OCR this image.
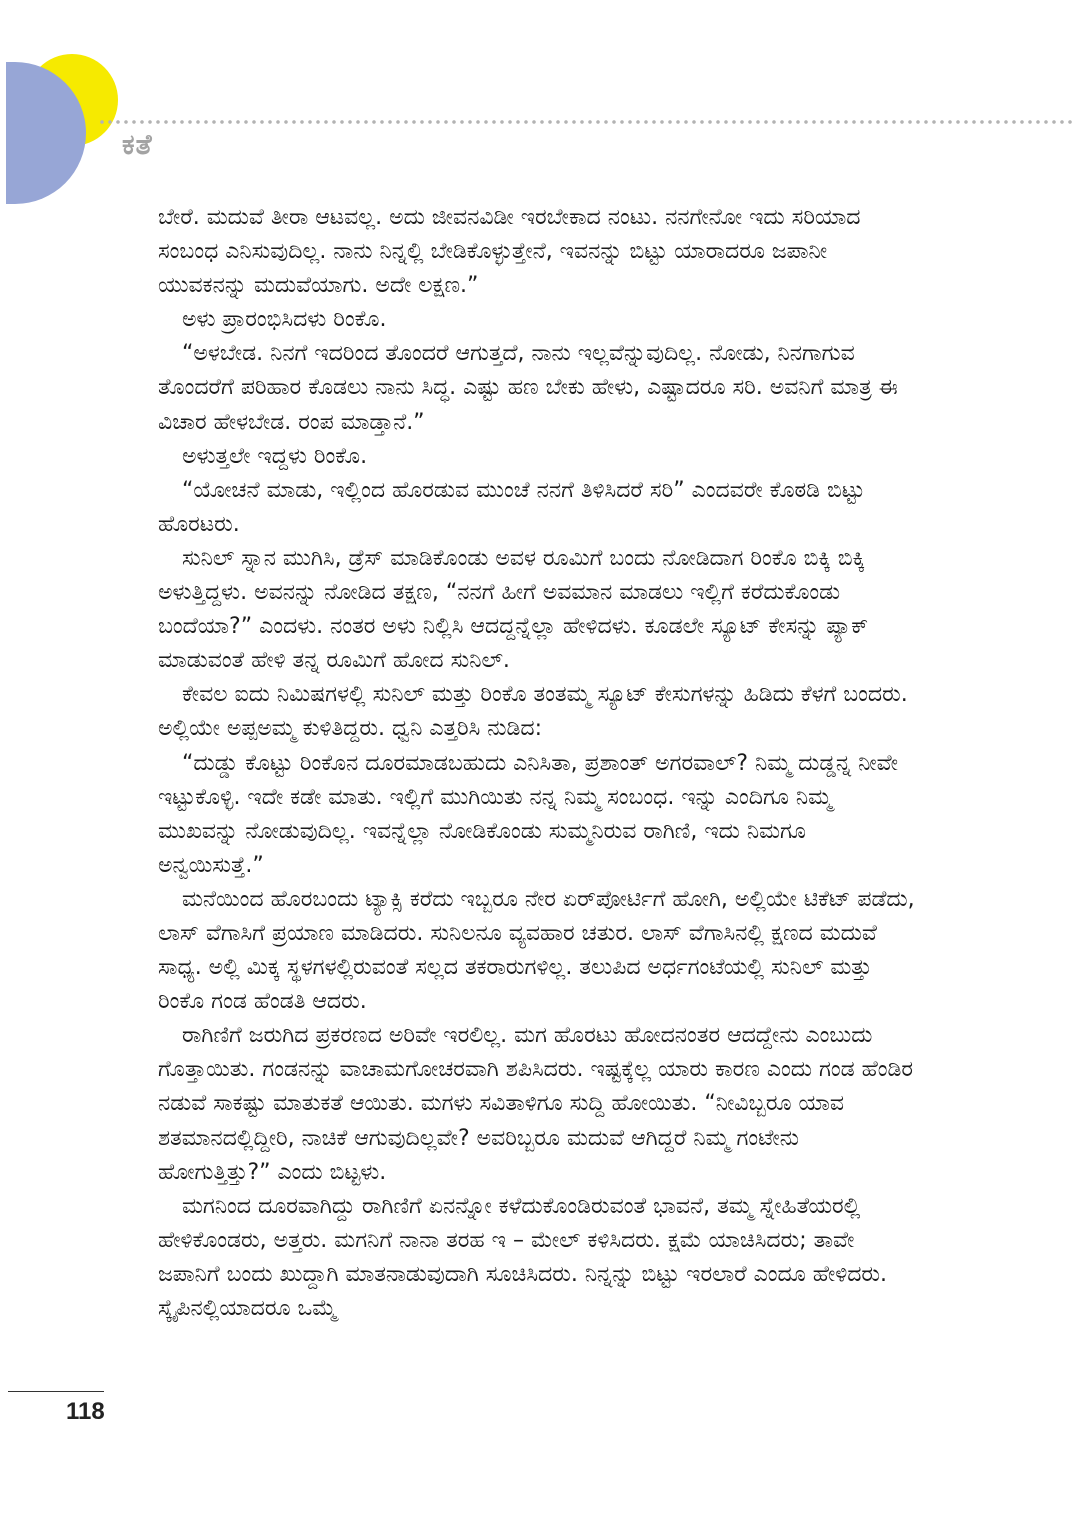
ಕತೆ

ಬೇರೆ. ಮದುವೆ ತೀರಾ ಆಟವಲ್ಲ. ಅದು ಜೀವನವಿಡೀ ಇರಬೇಕಾದ ನಂಟು. ನನಗೇನೋ ಇದು ಸರಿಯಾದ
ಸಂಬಂಧ ಎನಿಸುವುದಿಲ್ಲ. ನಾನು ನಿನ್ನಲ್ಲಿ ಬೇಡಿಕೊಳ್ಳುತ್ತೇನೆ, ಇವನನ್ನು ಬಿಟ್ಟು ಯಾರಾದರೂ ಜಪಾನೀ
ಯುವಕನನ್ನು ಮದುವೆಯಾಗು. ಅದೇ ಲಕ್ಷಣ.”

ಅಳು ಪ್ರಾರಂಭಿಸಿದಳು ರಿಂಕೊ.

“ಅಳಬೇಡ. ನಿನಗೆ ಇದರಿಂದ ತೊಂದರೆ ಆಗುತ್ತದೆ, ನಾನು ಇಲ್ಲವೆನ್ನುವುದಿಲ್ಲ. ನೋಡು, ನಿನಗಾಗುವ
ತೊಂದರೆಗೆ ಪರಿಹಾರ ಕೊಡಲು ನಾನು ಸಿದ್ಧ. ಎಷ್ಟು ಹಣ ಬೇಕು ಹೇಳು, ಎಷ್ಟಾದರೂ ಸರಿ. ಅವನಿಗೆ ಮಾತ್ರ ಈ
ವಿಚಾರ ಹೇಳಬೇಡ. ರಂಪ ಮಾಡ್ತಾನೆ.”

ಅಳುತ್ತಲೇ ಇದ್ದಳು ರಿಂಕೊ.

“ಯೋಚನೆ ಮಾಡು, ಇಲ್ಲಿಂದ ಹೊರಡುವ ಮುಂಚೆ ನನಗೆ ತಿಳಿಸಿದರೆ ಸರಿ” ಎಂದವರೇ ಕೊಠಡಿ ಬಿಟ್ಟು
ಹೊರಟರು.

ಸುನಿಲ್ ಸ್ನಾನ ಮುಗಿಸಿ, ಡ್ರೆಸ್ ಮಾಡಿಕೊಂಡು ಅವಳ ರೂಮಿಗೆ ಬಂದು ನೋಡಿದಾಗ ರಿಂಕೊ ಬಿಕ್ಕಿ ಬಿಕ್ಕಿ
ಅಳುತ್ತಿದ್ದಳು. ಅವನನ್ನು ನೋಡಿದ ತಕ್ಷಣ, “ನನಗೆ ಹೀಗೆ ಅವಮಾನ ಮಾಡಲು ಇಲ್ಲಿಗೆ ಕರೆದುಕೊಂಡು
ಬಂದೆಯಾ?” ಎಂದಳು. ನಂತರ ಅಳು ನಿಲ್ಲಿಸಿ ಆದದ್ದನ್ನೆಲ್ಲಾ ಹೇಳಿದಳು. ಕೂಡಲೇ ಸ್ಯೂಟ್ ಕೇಸನ್ನು ಪ್ಯಾಕ್
ಮಾಡುವಂತೆ ಹೇಳಿ ತನ್ನ ರೂಮಿಗೆ ಹೋದ ಸುನಿಲ್.

ಕೇವಲ ಐದು ನಿಮಿಷಗಳಲ್ಲಿ ಸುನಿಲ್ ಮತ್ತು ರಿಂಕೊ ತಂತಮ್ಮ ಸ್ಯೂಟ್ ಕೇಸುಗಳನ್ನು ಹಿಡಿದು ಕೆಳಗೆ ಬಂದರು.
ಅಲ್ಲಿಯೇ ಅಪ್ಪಅಮ್ಮ ಕುಳಿತಿದ್ದರು. ಧ್ವನಿ ಎತ್ತರಿಸಿ ನುಡಿದ:

“ದುಡ್ಡು ಕೊಟ್ಟು ರಿಂಕೊನ ದೂರಮಾಡಬಹುದು ಎನಿಸಿತಾ, ಪ್ರಶಾಂತ್ ಅಗರವಾಲ್? ನಿಮ್ಮ ದುಡ್ಡನ್ನ ನೀವೇ
ಇಟ್ಟುಕೊಳ್ಳಿ. ಇದೇ ಕಡೇ ಮಾತು. ಇಲ್ಲಿಗೆ ಮುಗಿಯಿತು ನನ್ನ ನಿಮ್ಮ ಸಂಬಂಧ. ಇನ್ನು ಎಂದಿಗೂ ನಿಮ್ಮ
ಮುಖವನ್ನು ನೋಡುವುದಿಲ್ಲ. ಇವನ್ನೆಲ್ಲಾ ನೋಡಿಕೊಂಡು ಸುಮ್ಮನಿರುವ ರಾಗಿಣಿ, ಇದು ನಿಮಗೂ
ಅನ್ವಯಿಸುತ್ತೆ.”

ಮನೆಯಿಂದ ಹೊರಬಂದು ಟ್ಯಾಕ್ಸಿ ಕರೆದು ಇಬ್ಬರೂ ನೇರ ಏರ್‌ಪೋರ್ಟಿಗೆ ಹೋಗಿ, ಅಲ್ಲಿಯೇ ಟಿಕೆಟ್ ಪಡೆದು,
ಲಾಸ್ ವೆಗಾಸಿಗೆ ಪ್ರಯಾಣ ಮಾಡಿದರು. ಸುನಿಲನೂ ವ್ಯವಹಾರ ಚತುರ. ಲಾಸ್ ವೆಗಾಸಿನಲ್ಲಿ ಕ್ಷಣದ ಮದುವೆ
ಸಾಧ್ಯ. ಅಲ್ಲಿ ಮಿಕ್ಕ ಸ್ಥಳಗಳಲ್ಲಿರುವಂತೆ ಸಲ್ಲದ ತಕರಾರುಗಳಿಲ್ಲ. ತಲುಪಿದ ಅರ್ಧಗಂಟೆಯಲ್ಲಿ ಸುನಿಲ್ ಮತ್ತು
ರಿಂಕೊ ಗಂಡ ಹೆಂಡತಿ ಆದರು.

ರಾಗಿಣಿಗೆ ಜರುಗಿದ ಪ್ರಕರಣದ ಅರಿವೇ ಇರಲಿಲ್ಲ. ಮಗ ಹೊರಟು ಹೋದನಂತರ ಆದದ್ದೇನು ಎಂಬುದು
ಗೊತ್ತಾಯಿತು. ಗಂಡನನ್ನು ವಾಚಾಮಗೋಚರವಾಗಿ ಶಪಿಸಿದರು. ಇಷ್ಟಕ್ಕೆಲ್ಲ ಯಾರು ಕಾರಣ ಎಂದು ಗಂಡ ಹೆಂಡಿರ
ನಡುವೆ ಸಾಕಷ್ಟು ಮಾತುಕತೆ ಆಯಿತು. ಮಗಳು ಸವಿತಾಳಿಗೂ ಸುದ್ದಿ ಹೋಯಿತು. “ನೀವಿಬ್ಬರೂ ಯಾವ
ಶತಮಾನದಲ್ಲಿದ್ದೀರಿ, ನಾಚಿಕೆ ಆಗುವುದಿಲ್ಲವೇ? ಅವರಿಬ್ಬರೂ ಮದುವೆ ಆಗಿದ್ದರೆ ನಿಮ್ಮ ಗಂಟೇನು
ಹೋಗುತ್ತಿತ್ತು?” ಎಂದು ಬಿಟ್ಟಳು.

ಮಗನಿಂದ ದೂರವಾಗಿದ್ದು ರಾಗಿಣಿಗೆ ಏನನ್ನೋ ಕಳೆದುಕೊಂಡಿರುವಂತೆ ಭಾವನೆ, ತಮ್ಮ ಸ್ನೇಹಿತೆಯರಲ್ಲಿ
ಹೇಳಿಕೊಂಡರು, ಅತ್ತರು. ಮಗನಿಗೆ ನಾನಾ ತರಹ ಇ – ಮೇಲ್ ಕಳಿಸಿದರು. ಕ್ಷಮೆ ಯಾಚಿಸಿದರು; ತಾವೇ
ಜಪಾನಿಗೆ ಬಂದು ಖುದ್ದಾಗಿ ಮಾತನಾಡುವುದಾಗಿ ಸೂಚಿಸಿದರು. ನಿನ್ನನ್ನು ಬಿಟ್ಟು ಇರಲಾರೆ ಎಂದೂ ಹೇಳಿದರು.
ಸ್ಕೈಪಿನಲ್ಲಿಯಾದರೂ ಒಮ್ಮೆ

118
